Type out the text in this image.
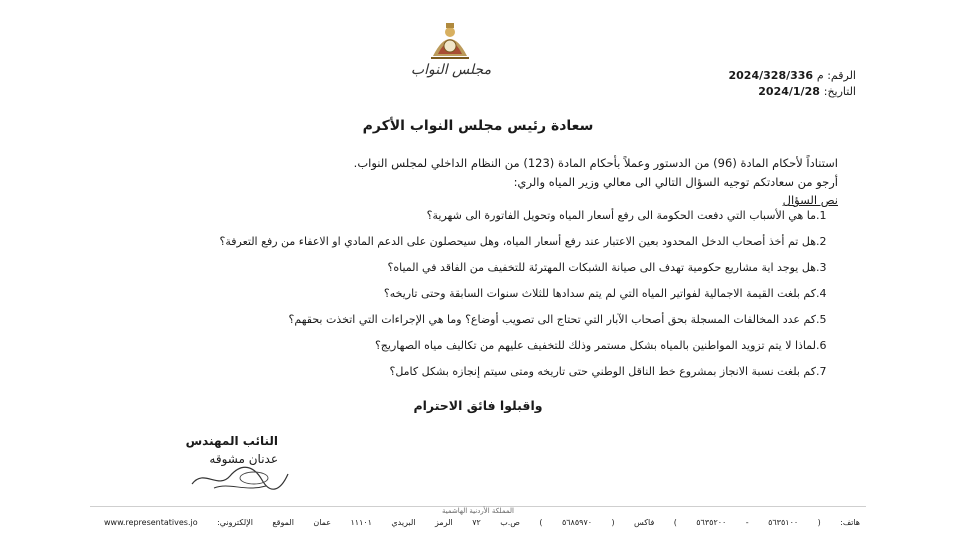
مجلس النواب	الرقم: م 2024/328/336
التاريخ: 2024/1/28
سعادة رئيس مجلس النواب الأكرم
استناداً لأحكام المادة (96) من الدستور وعملاً بأحكام المادة (123) من النظام الداخلي لمجلس النواب.
أرجو من سعادتكم توجيه السؤال التالي الى معالي وزير المياه والري:
نص السؤال
1.
ما هي الأسباب التي دفعت الحكومة الى رفع أسعار المياه وتحويل الفاتورة الى شهرية؟
2.
هل تم أخذ أصحاب الدخل المحدود بعين الاعتبار عند رفع أسعار المياه، وهل سيحصلون على الدعم المادي او الاعفاء من رفع التعرفة؟
3.
هل يوجد اية مشاريع حكومية تهدف الى صيانة الشبكات المهترئة للتخفيف من الفاقد في المياه؟
4.
كم بلغت القيمة الاجمالية لفواتير المياه التي لم يتم سدادها للثلاث سنوات السابقة وحتى تاريخه؟
5.
كم عدد المخالفات المسجلة بحق أصحاب الآبار التي تحتاج الى تصويب أوضاع؟ وما هي الإجراءات التي اتخذت بحقهم؟
6.
لماذا لا يتم تزويد المواطنين بالمياه بشكل مستمر وذلك للتخفيف عليهم من تكاليف مياه الصهاريج؟
7.
كم بلغت نسبة الانجاز بمشروع خط الناقل الوطني حتى تاريخه ومتى سيتم إنجازه بشكل كامل؟
واقبلوا فائق الاحترام
النائب المهندس
عدنان مشوقه
المملكة الأردنية الهاشمية
هاتف: ( ٥٦٣٥١٠٠ - ٥٦٣٥٢٠٠ ) فاكس ( ٥٦٨٥٩٧٠ ) ص.ب ٧٢ الرمز البريدي ١١١٠١ عمان الموقع الإلكتروني: www.representatives.jo
